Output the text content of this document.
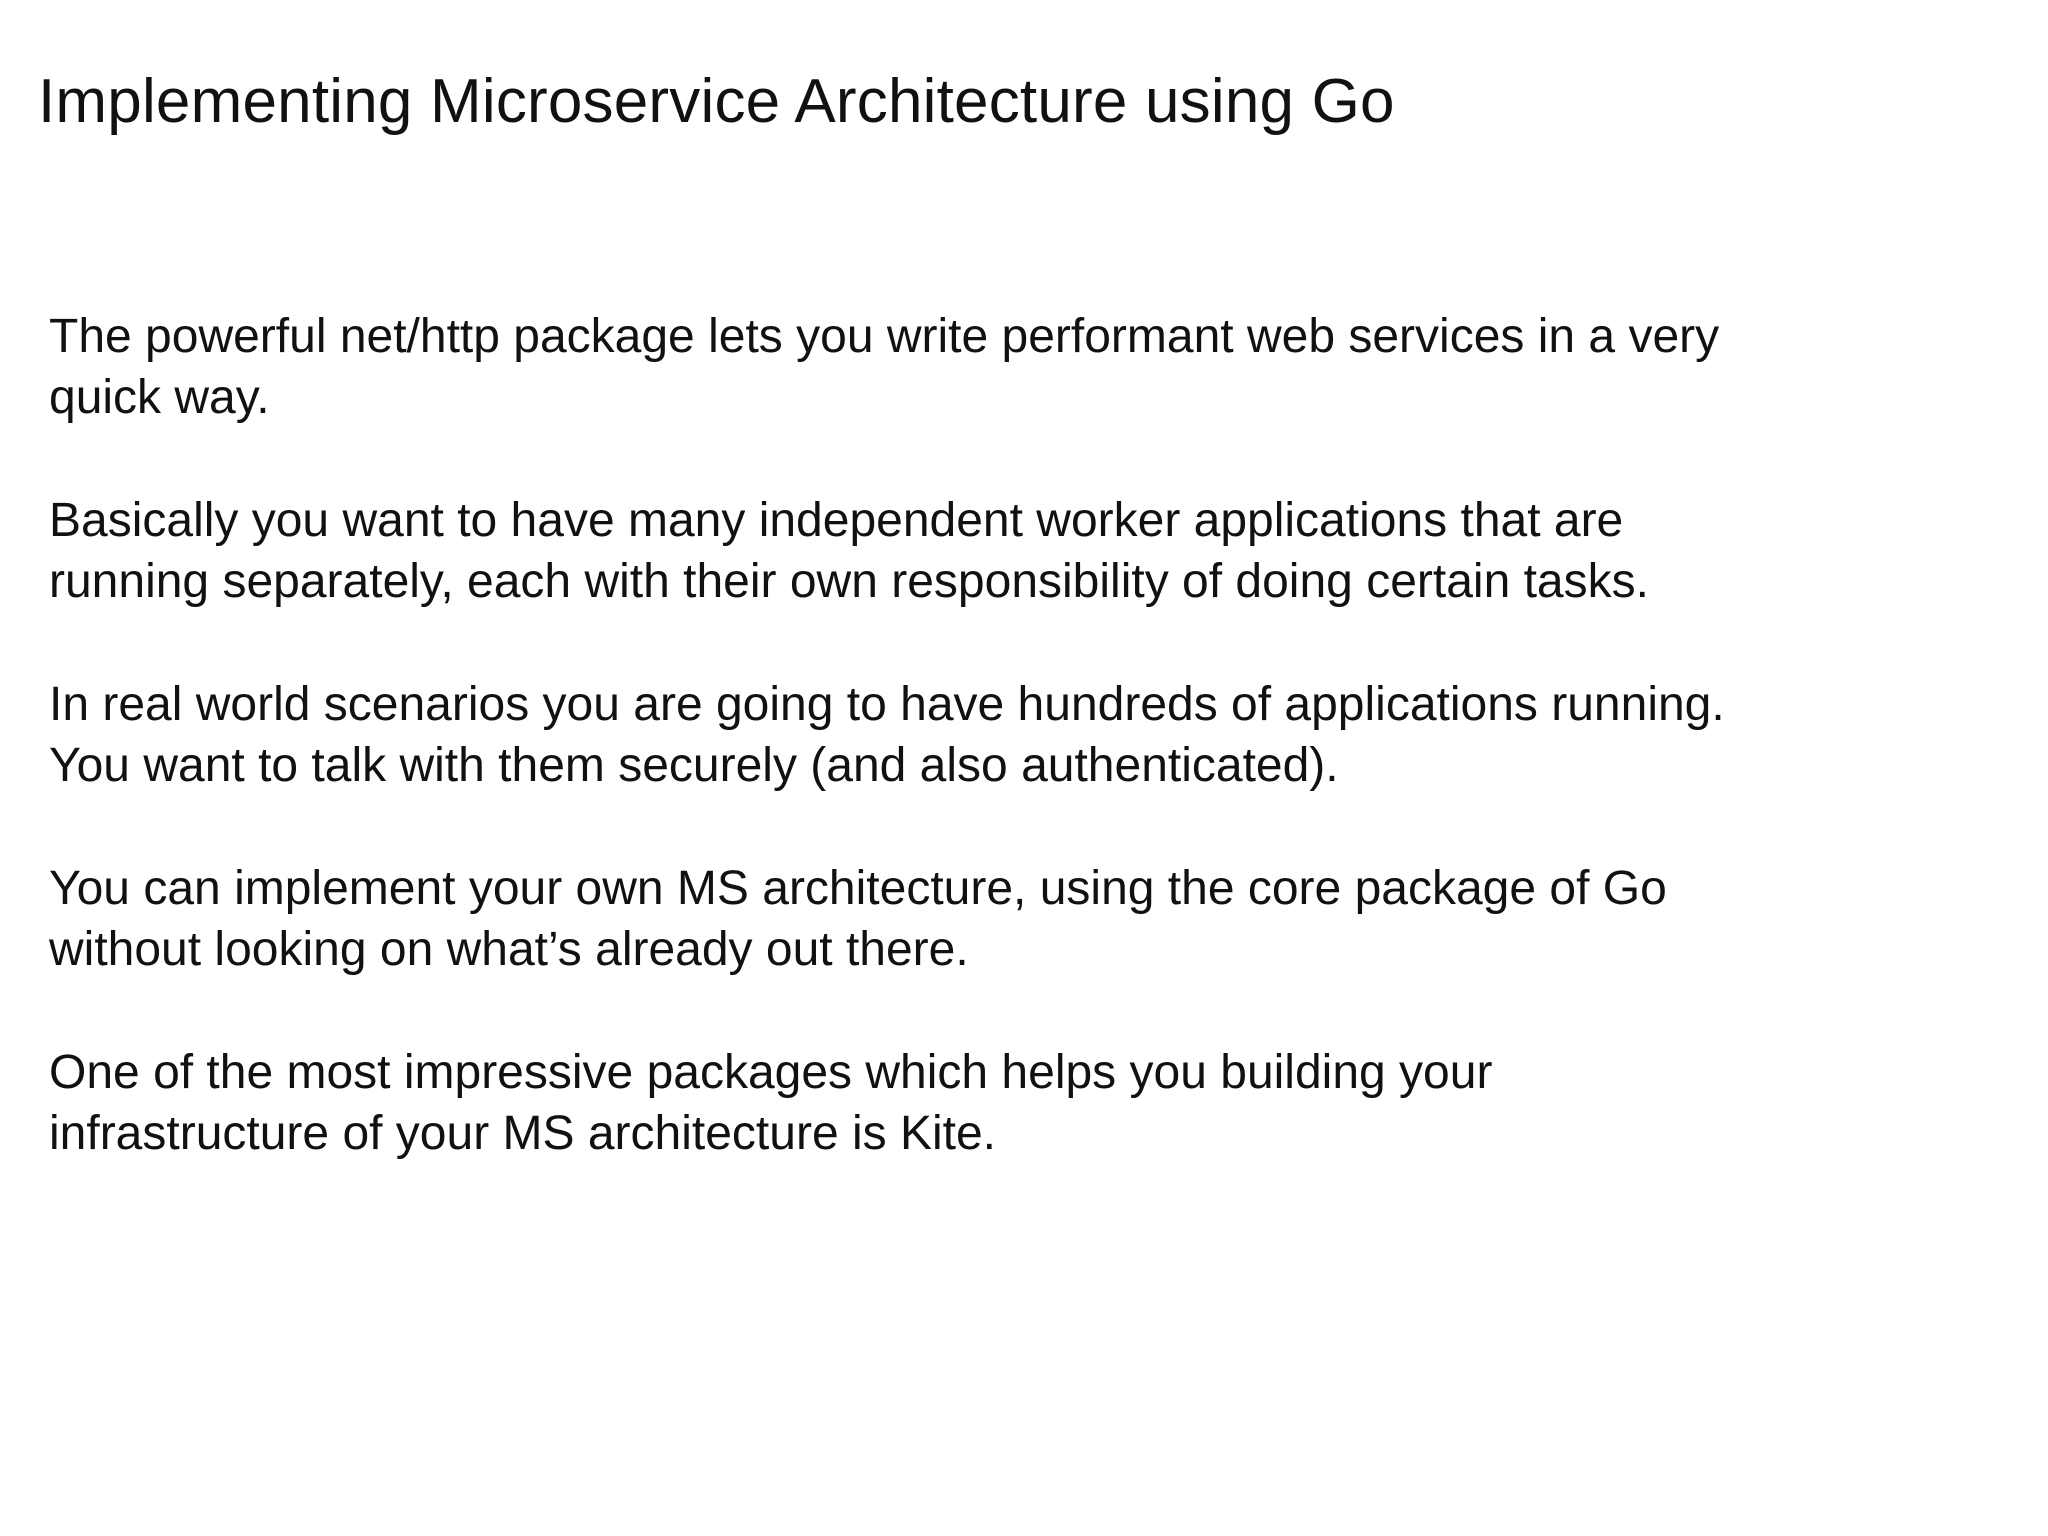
Implementing Microservice Architecture using Go

The powerful net/http package lets you write performant web services in a very
quick way.

Basically you want to have many independent worker applications that are
running separately, each with their own responsibility of doing certain tasks.

In real world scenarios you are going to have hundreds of applications running.
You want to talk with them securely (and also authenticated).

You can implement your own MS architecture, using the core package of Go
without looking on what’s already out there.

One of the most impressive packages which helps you building your
infrastructure of your MS architecture is Kite.
